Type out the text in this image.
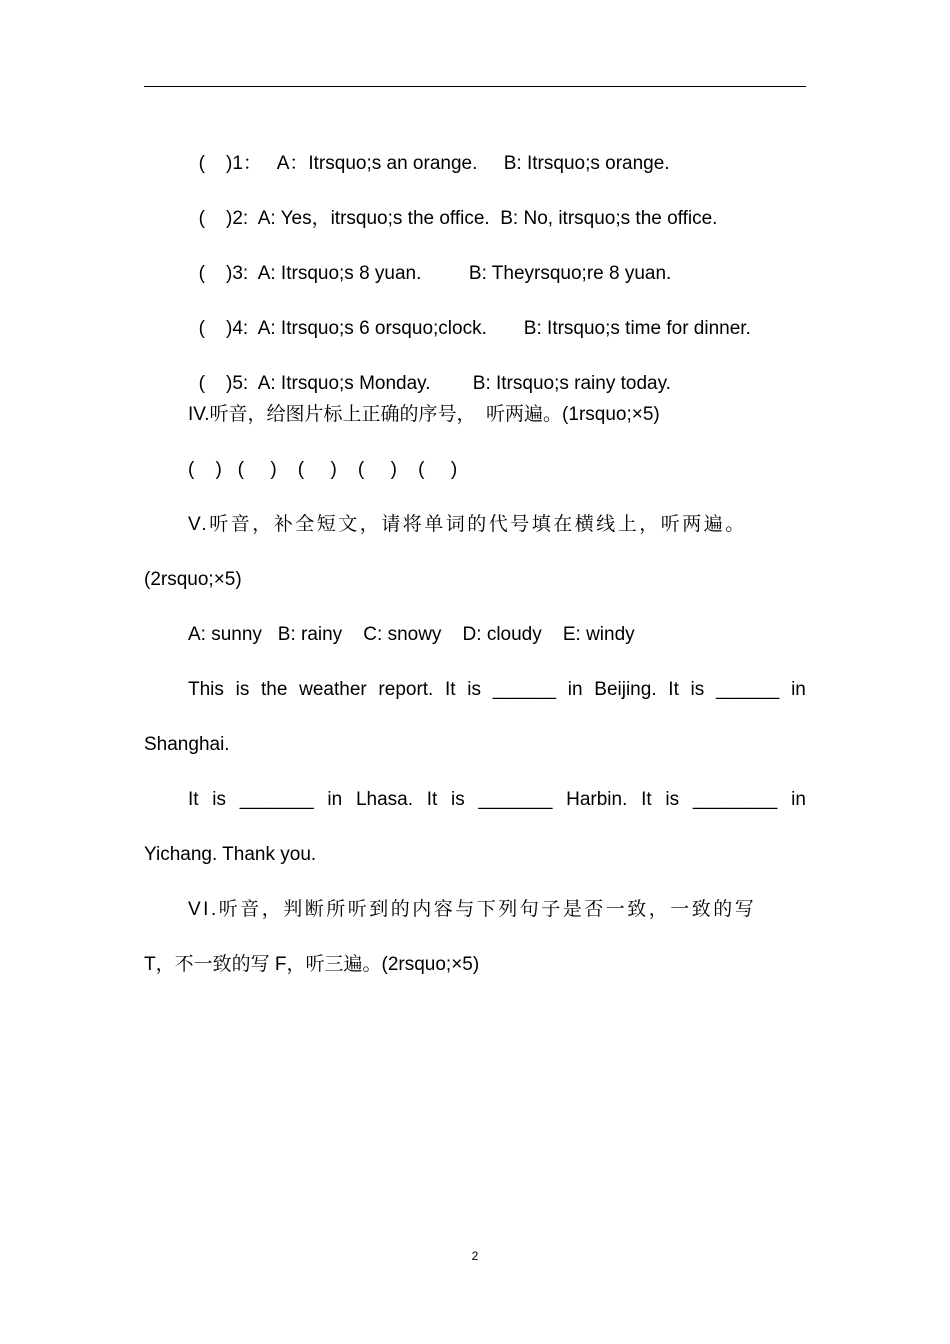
(    )1：   A：Itrsquo;s an orange.     B: Itrsquo;s orange.

(    )2:  A: Yes，itrsquo;s the office.  B: No, itrsquo;s the office.

(    )3:  A: Itrsquo;s 8 yuan.         B: Theyrsquo;re 8 yuan.

(    )4:  A: Itrsquo;s 6 orsquo;clock.       B: Itrsquo;s time for dinner.

(    )5:  A: Itrsquo;s Monday.        B: Itrsquo;s rainy today.

IV.听音，给图片标上正确的序号，  听两遍。(1rsquo;×5)
(    )   (     )    (     )    (     )    (     )
V.听音，补全短文，请将单词的代号填在横线上，听两遍。
(2rsquo;×5)
A: sunny   B: rainy    C: snowy    D: cloudy    E: windy
This is the weather report. It is ______ in Beijing. It is ______ in
Shanghai.
It is _______ in Lhasa. It is _______ Harbin. It is ________ in
Yichang. Thank you.
VI.听音，判断所听到的内容与下列句子是否一致，一致的写
T，不一致的写 F，听三遍。(2rsquo;×5)
2
